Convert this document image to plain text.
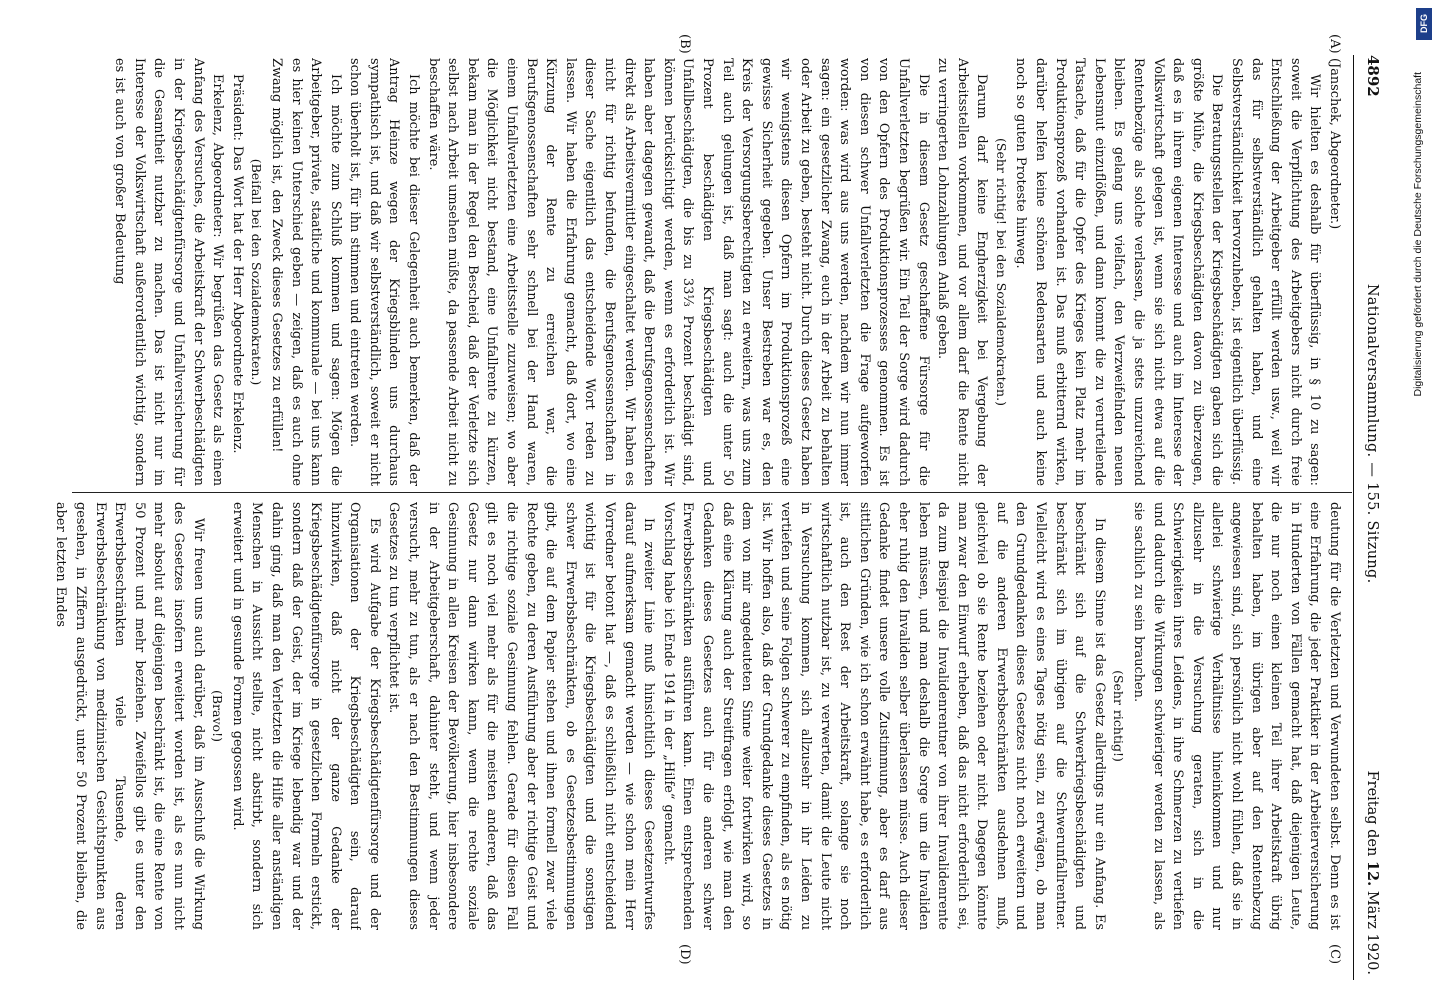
4892
Nationalversammlung. — 155. Sitzung.
Freitag den 12. März 1920.
(A)
(B)
(C)
(D)

(Janschek, Abgeordneter.)

Wir hielten es deshalb für überflüssig, in § 10 zu sagen: soweit die Verpflichtung des Arbeitgebers nicht durch freie Entschließung der Arbeitgeber erfüllt werden usw., weil wir das für selbstverständlich gehalten haben, und eine Selbstverständlichkeit hervorzuheben, ist eigentlich überflüssig.

Die Beratungsstellen der Kriegsbeschädigten gaben sich die größte Mühe, die Kriegsbeschädigten davon zu überzeugen, daß es in ihrem eigenen Interesse und auch im Interesse der Volkswirtschaft gelegen ist, wenn sie sich nicht etwa auf die Rentenbezüge als solche verlassen, die ja stets unzureichend bleiben. Es gelang uns vielfach, den Verzweifelnden neuen Lebensmut einzuflößen, und dann kommt die zu verurteilende Tatsache, daß für die Opfer des Krieges kein Platz mehr im Produktionsprozeß vorhanden ist. Das muß erbitternd wirken, darüber helfen keine schönen Redensarten und auch keine noch so guten Proteste hinweg.

(Sehr richtig! bei den Sozialdemokraten.)

Darum darf keine Engherzigkeit bei Vergebung der Arbeitsstellen vorkommen, und vor allem darf die Rente nicht zu verringerten Lohnzahlungen Anlaß geben.

Die in diesem Gesetz geschaffene Fürsorge für die Unfallverletzten begrüßen wir. Ein Teil der Sorge wird dadurch von den Opfern des Produktionsprozesses genommen. Es ist von diesen schwer Unfallverletzten die Frage aufgeworfen worden: was wird aus uns werden, nachdem wir nun immer sagen: ein gesetzlicher Zwang, euch in der Arbeit zu behalten oder Arbeit zu geben, besteht nicht. Durch dieses Gesetz haben wir wenigstens diesen Opfern im Produktionsprozeß eine gewisse Sicherheit gegeben. Unser Bestreben war es, den Kreis der Versorgungsberechtigten zu erweitern, was uns zum Teil auch gelungen ist, daß man sagt: auch die unter 50 Prozent beschädigten Kriegsbeschädigten und Unfallbeschädigten, die bis zu 33⅓ Prozent beschädigt sind, können berücksichtigt werden, wenn es erforderlich ist. Wir haben aber dagegen gewandt, daß die Berufsgenossenschaften direkt als Arbeitsvermittler eingeschaltet werden. Wir haben es nicht für richtig befunden, die Berufsgenossenschaften in dieser Sache eigentlich das entscheidende Wort reden zu lassen. Wir haben die Erfahrung gemacht, daß dort, wo eine Kürzung der Rente zu erreichen war, die Berufsgenossenschaften sehr schnell bei der Hand waren, einem Unfallverletzten eine Arbeitsstelle zuzuweisen; wo aber die Möglichkeit nicht bestand, eine Unfallrente zu kürzen, bekam man in der Regel den Bescheid, daß der Verletzte sich selbst nach Arbeit umsehen müßte, da passende Arbeit nicht zu beschaffen wäre.

Ich möchte bei dieser Gelegenheit auch bemerken, daß der Antrag Heinze wegen der Kriegsblinden uns durchaus sympathisch ist, und daß wir selbstverständlich, soweit er nicht schon überholt ist, für ihn stimmen und eintreten werden.

Ich möchte zum Schluß kommen und sagen: Mögen die Arbeitgeber, private, staatliche und kommunale — bei uns kann es hier keinen Unterschied geben — zeigen, daß es auch ohne Zwang möglich ist, den Zweck dieses Gesetzes zu erfüllen!

(Beifall bei den Sozialdemokraten.)

Präsident: Das Wort hat der Herr Abgeordnete Erkelenz.

Erkelenz, Abgeordneter: Wir begrüßen das Gesetz als einen Anfang des Versuches, die Arbeitskraft der Schwerbeschädigten in der Kriegsbeschädigtenfürsorge und Unfallversicherung für die Gesamtheit nutzbar zu machen. Das ist nicht nur im Interesse der Volkswirtschaft außerordentlich wichtig, sondern es ist auch von großer Bedeutung

deutung für die Verletzten und Verwundeten selbst. Denn es ist eine Erfahrung, die jeder Praktiker in der Arbeiterversicherung in Hunderten von Fällen gemacht hat, daß diejenigen Leute, die nur noch einen kleinen Teil ihrer Arbeitskraft übrig behalten haben, im übrigen aber auf den Rentenbezug angewiesen sind, sich persönlich nicht wohl fühlen, daß sie in allerlei schwierige Verhältnisse hineinkommen und nur allzusehr in die Versuchung geraten, sich in die Schwierigkeiten ihres Leidens, in ihre Schmerzen zu vertiefen und dadurch die Wirkungen schwieriger werden zu lassen, als sie sachlich zu sein brauchen.

(Sehr richtig!)

In diesem Sinne ist das Gesetz allerdings nur ein Anfang. Es beschränkt sich auf die Schwerkriegsbeschädigten und beschränkt sich im übrigen auf die Schwerunfallrentner. Vielleicht wird es eines Tages nötig sein, zu erwägen, ob man den Grundgedanken dieses Gesetzes nicht noch erweitern und auf die anderen Erwerbsbeschränkten ausdehnen muß, gleichviel ob sie Rente beziehen oder nicht. Dagegen könnte man zwar den Einwurf erheben, daß das nicht erforderlich sei, da zum Beispiel die Invalidenrentner von ihrer Invalidenrente leben müssen, und man deshalb die Sorge um die Invaliden eher ruhig den Invaliden selber überlassen müsse. Auch dieser Gedanke findet unsere volle Zustimmung, aber es darf aus sittlichen Gründen, wie ich schon erwähnt habe, es erforderlich ist, auch den Rest der Arbeitskraft, solange sie noch wirtschaftlich nutzbar ist, zu verwerten, damit die Leute nicht in Versuchung kommen, sich allzusehr in ihr Leiden zu vertiefen und seine Folgen schwerer zu empfinden, als es nötig ist. Wir hoffen also, daß der Grundgedanke dieses Gesetzes in dem von mir angedeuteten Sinne weiter fortwirken wird, so daß eine Klärung auch der Streitfragen erfolgt, wie man den Gedanken dieses Gesetzes auch für die anderen schwer Erwerbsbeschränkten ausführen kann. Einen entsprechenden Vorschlag habe ich Ende 1914 in der „Hilfe“ gemacht.

In zweiter Linie muß hinsichtlich dieses Gesetzentwurfes darauf aufmerksam gemacht werden — wie schon mein Herr Vorredner betont hat —, daß es schließlich nicht entscheidend wichtig ist für die Kriegsbeschädigten und die sonstigen schwer Erwerbsbeschränkten, ob es Gesetzesbestimmungen gibt, die auf dem Papier stehen und ihnen formell zwar viele Rechte geben, zu deren Ausführung aber der richtige Geist und die richtige soziale Gesinnung fehlen. Gerade für diesen Fall gilt es noch viel mehr als für die meisten anderen, daß das Gesetz nur dann wirken kann, wenn die rechte soziale Gesinnung in allen Kreisen der Bevölkerung, hier insbesondere in der Arbeitgeberschaft, dahinter steht, und wenn jeder versucht, mehr zu tun, als er nach den Bestimmungen dieses Gesetzes zu tun verpflichtet ist.

Es wird Aufgabe der Kriegsbeschädigtenfürsorge und der Organisationen der Kriegsbeschädigten sein, darauf hinzuwirken, daß nicht der ganze Gedanke der Kriegsbeschädigtenfürsorge in gesetzlichen Formeln erstickt, sondern daß der Geist, der im Kriege lebendig war und der dahin ging, daß man den Verletzten die Hilfe aller anständigen Menschen in Aussicht stellte, nicht abstirbt, sondern sich erweitert und in gesunde Formen gegossen wird.

(Bravo!)

Wir freuen uns auch darüber, daß im Ausschuß die Wirkung des Gesetzes insofern erweitert worden ist, als es nun nicht mehr absolut auf diejenigen beschränkt ist, die eine Rente von 50 Prozent und mehr beziehen. Zweifellos gibt es unter den Erwerbsbeschränkten viele Tausende, deren Erwerbsbeschränkung von medizinischen Gesichtspunkten aus gesehen, in Ziffern ausgedrückt, unter 50 Prozent bleiben, die aber letzten Endes

DFG
Digitalisierung gefördert durch die Deutsche Forschungsgemeinschaft
